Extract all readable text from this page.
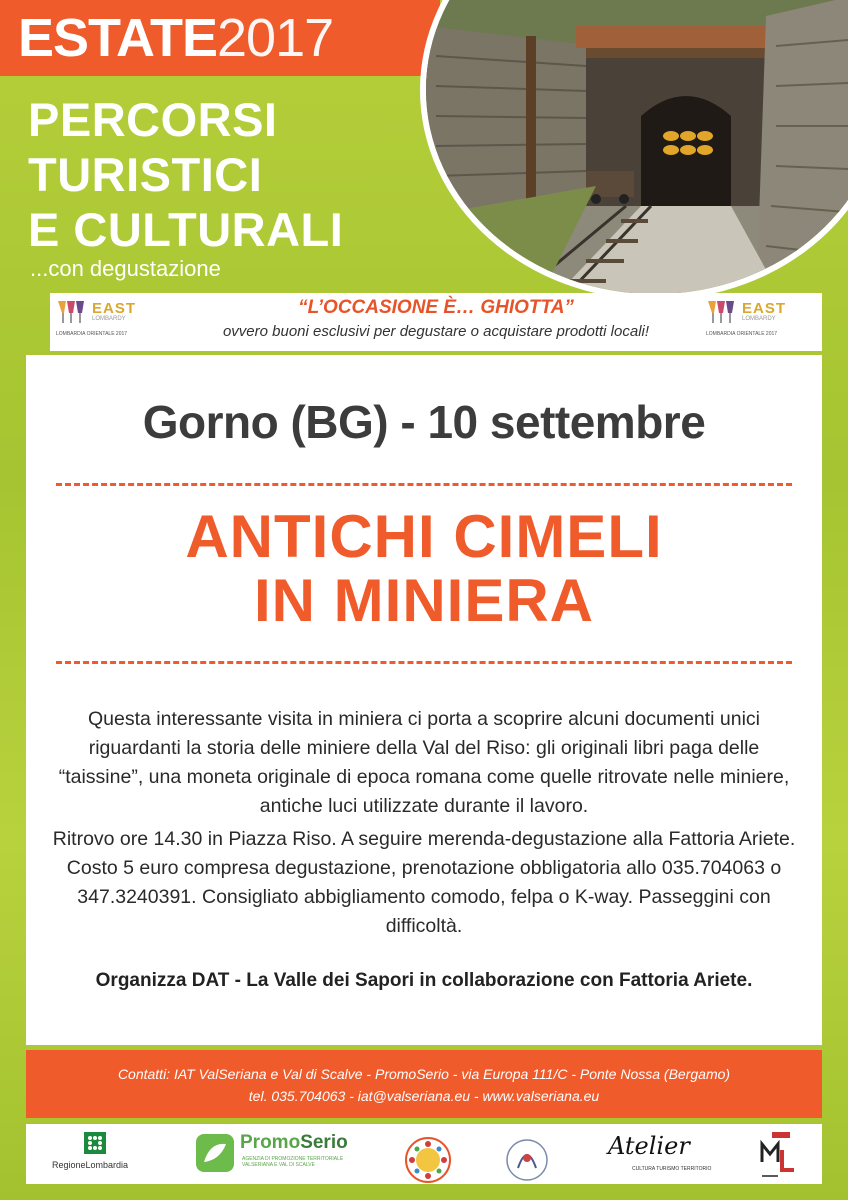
ESTATE2017
PERCORSI
TURISTICI
E CULTURALI
...con degustazione
EAST
LOMBARDY
LOMBARDIA ORIENTALE 2017
“L’OCCASIONE È… GHIOTTA”
ovvero buoni esclusivi per degustare o acquistare prodotti locali!
EAST
LOMBARDY
LOMBARDIA ORIENTALE 2017
Gorno (BG) - 10 settembre
ANTICHI CIMELI
IN MINIERA

Questa interessante visita in miniera ci porta a scoprire alcuni documenti unici riguardanti la storia delle miniere della Val del Riso: gli originali libri paga delle “taissine”, una moneta originale di epoca romana come quelle ritrovate nelle miniere, antiche luci utilizzate durante il lavoro.

Ritrovo ore 14.30 in Piazza Riso. A seguire merenda-degustazione alla Fattoria Ariete. Costo 5 euro compresa degustazione, prenotazione obbligatoria allo 035.704063 o 347.3240391. Consigliato abbigliamento comodo, felpa o K-way. Passeggini con difficoltà.

Organizza DAT - La Valle dei Sapori in collaborazione con Fattoria Ariete.
Contatti: IAT ValSeriana e Val di Scalve - PromoSerio - via Europa 111/C - Ponte Nossa (Bergamo)
tel. 035.704063 - iat@valseriana.eu - www.valseriana.eu
RegioneLombardia
PromoSerio
AGENZIA DI PROMOZIONE TERRITORIALE
VALSERIANA E VAL DI SCALVE
Atelier
CULTURA TURISMO TERRITORIO
